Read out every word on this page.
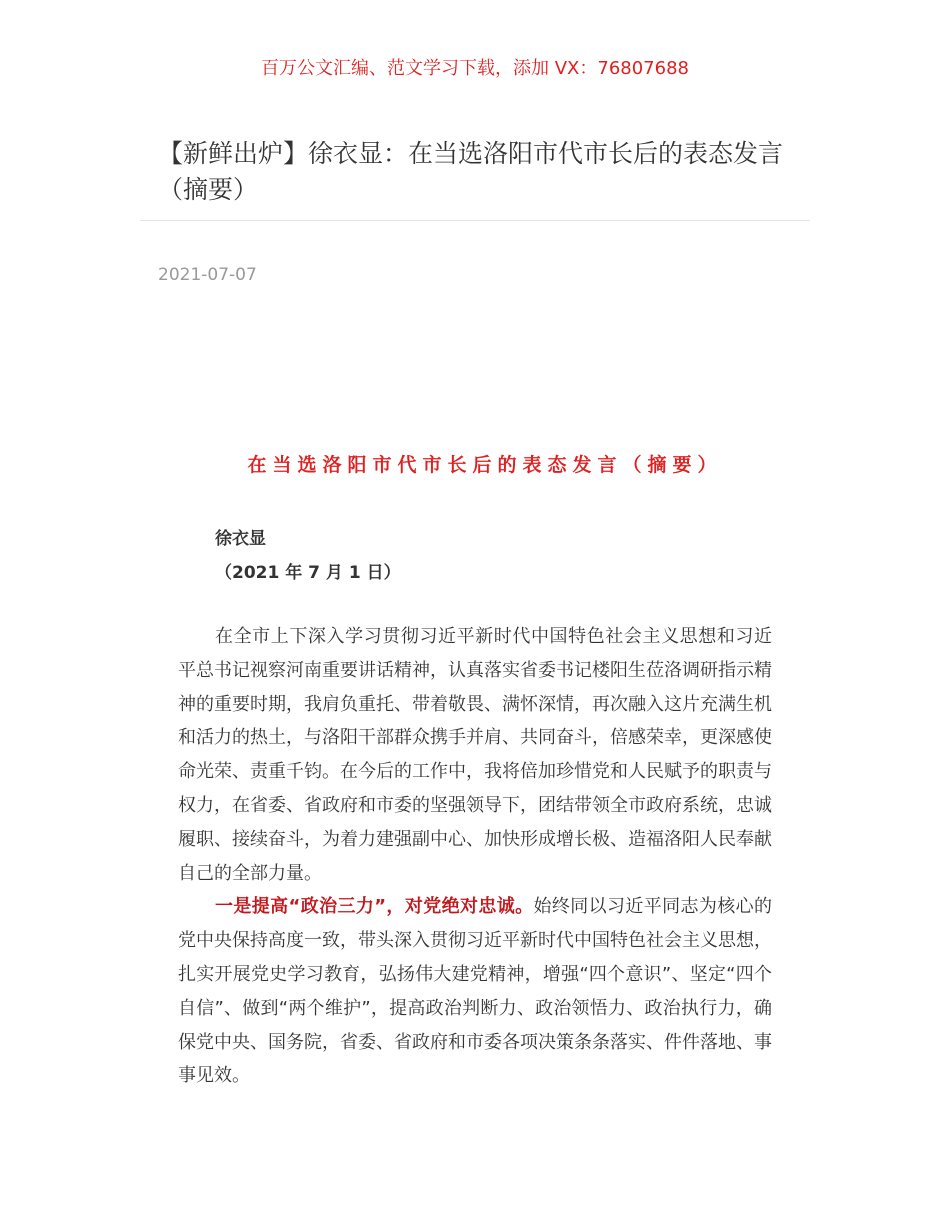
百万公文汇编、范文学习下载，添加 VX：76807688
【新鲜出炉】徐衣显：在当选洛阳市代市长后的表态发言（摘要）
2021-07-07
在当选洛阳市代市长后的表态发言（摘要）
徐衣显
（2021 年 7 月 1 日）

在全市上下深入学习贯彻习近平新时代中国特色社会主义思想和习近平总书记视察河南重要讲话精神，认真落实省委书记楼阳生莅洛调研指示精神的重要时期，我肩负重托、带着敬畏、满怀深情，再次融入这片充满生机和活力的热土，与洛阳干部群众携手并肩、共同奋斗，倍感荣幸，更深感使命光荣、责重千钧。在今后的工作中，我将倍加珍惜党和人民赋予的职责与权力，在省委、省政府和市委的坚强领导下，团结带领全市政府系统，忠诚履职、接续奋斗，为着力建强副中心、加快形成增长极、造福洛阳人民奉献自己的全部力量。

一是提高“政治三力”，对党绝对忠诚。始终同以习近平同志为核心的党中央保持高度一致，带头深入贯彻习近平新时代中国特色社会主义思想，扎实开展党史学习教育，弘扬伟大建党精神，增强“四个意识”、坚定“四个自信”、做到“两个维护”，提高政治判断力、政治领悟力、政治执行力，确保党中央、国务院，省委、省政府和市委各项决策条条落实、件件落地、事事见效。
